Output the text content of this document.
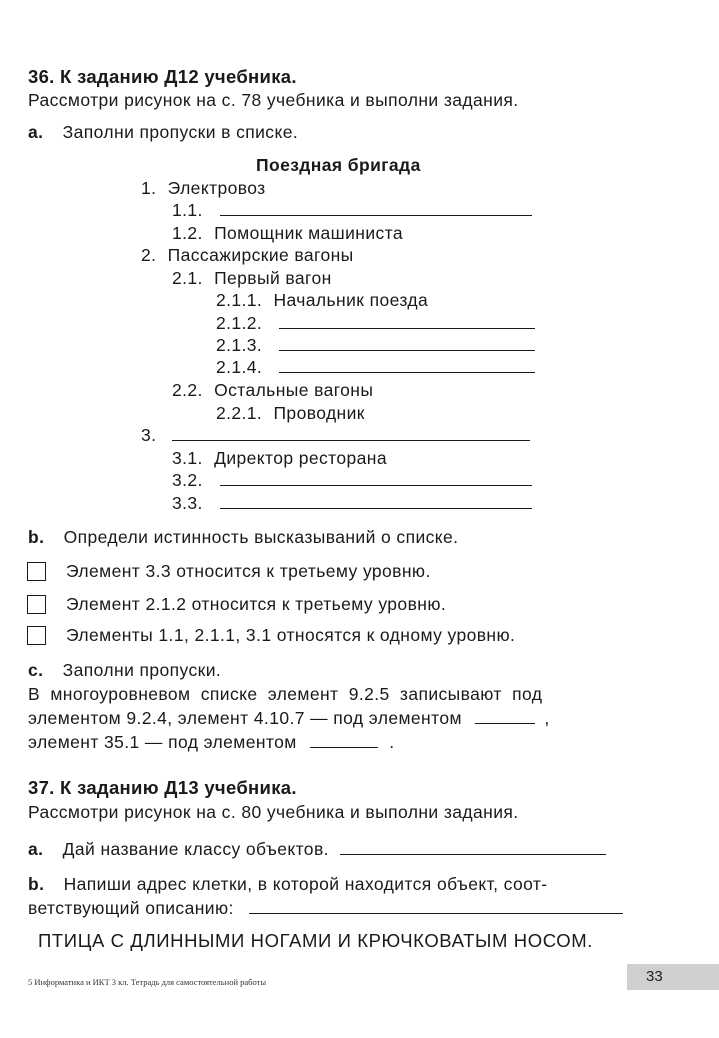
36. К заданию Д12 учебника.
Рассмотри рисунок на с. 78 учебника и выполни задания.
a. Заполни пропуски в списке.
Поездная бригада
1. Электровоз
1.1.
1.2. Помощник машиниста
2. Пассажирские вагоны
2.1. Первый вагон
2.1.1. Начальник поезда
2.1.2.
2.1.3.
2.1.4.
2.2. Остальные вагоны
2.2.1. Проводник
3.
3.1. Директор ресторана
3.2.
3.3.
b. Определи истинность высказываний о списке.
Элемент 3.3 относится к третьему уровню.
Элемент 2.1.2 относится к третьему уровню.
Элементы 1.1, 2.1.1, 3.1 относятся к одному уровню.
c. Заполни пропуски.
В многоуровневом списке элемент 9.2.5 записывают под
элементом 9.2.4, элемент 4.10.7 — под элементом	,
элемент 35.1 — под элементом	.
37. К заданию Д13 учебника.
Рассмотри рисунок на с. 80 учебника и выполни задания.
a. Дай название классу объектов.
b. Напиши адрес клетки, в которой находится объект, соот-
ветствующий описанию:
ПТИЦА С ДЛИННЫМИ НОГАМИ И КРЮЧКОВАТЫМ НОСОМ.
5 Информатика и ИКТ 3 кл. Тетрадь для самостоятельной работы	33
